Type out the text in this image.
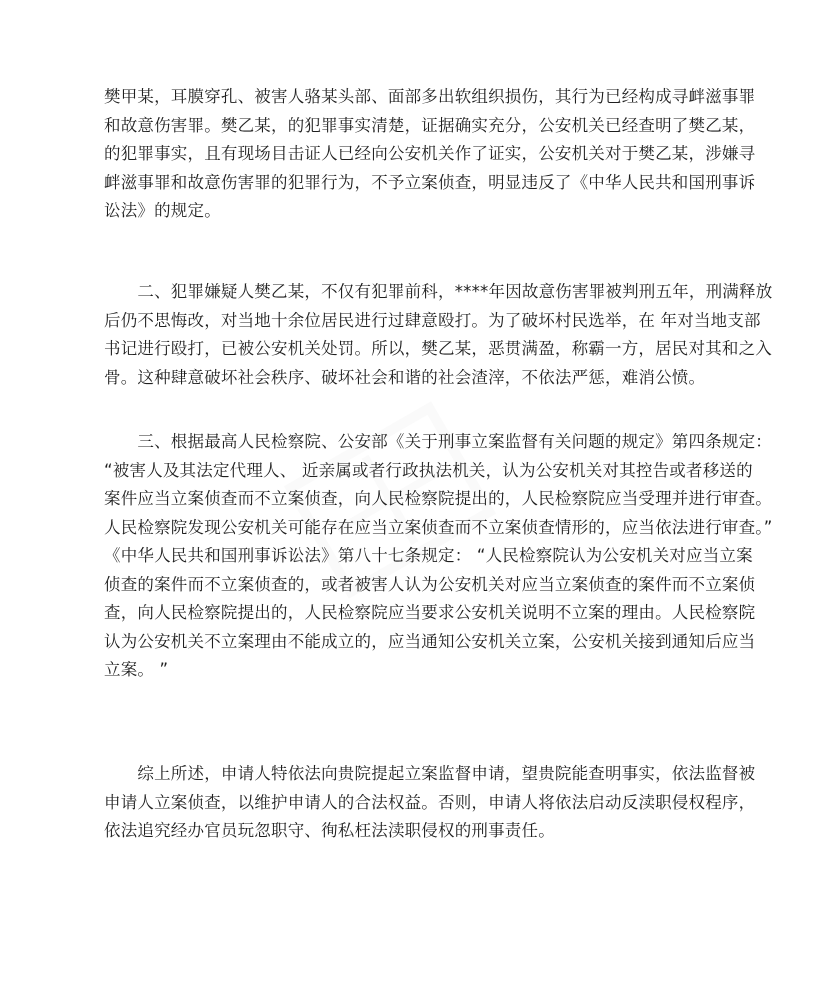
樊甲某，耳膜穿孔、被害人骆某头部、面部多出软组织损伤，其行为已经构成寻衅滋事罪
和故意伤害罪。樊乙某，的犯罪事实清楚，证据确实充分，公安机关已经查明了樊乙某，
的犯罪事实，且有现场目击证人已经向公安机关作了证实，公安机关对于樊乙某，涉嫌寻
衅滋事罪和故意伤害罪的犯罪行为，不予立案侦查，明显违反了《中华人民共和国刑事诉
讼法》的规定。

　　二、犯罪嫌疑人樊乙某，不仅有犯罪前科，****年因故意伤害罪被判刑五年，刑满释放
后仍不思悔改，对当地十余位居民进行过肆意殴打。为了破坏村民选举，在 年对当地支部
书记进行殴打，已被公安机关处罚。所以，樊乙某，恶贯满盈，称霸一方，居民对其和之入
骨。这种肆意破坏社会秩序、破坏社会和谐的社会渣滓，不依法严惩，难消公愤。

　　三、根据最高人民检察院、公安部《关于刑事立案监督有关问题的规定》第四条规定：
“被害人及其法定代理人、 近亲属或者行政执法机关，认为公安机关对其控告或者移送的
案件应当立案侦查而不立案侦查，向人民检察院提出的，人民检察院应当受理并进行审查。
人民检察院发现公安机关可能存在应当立案侦查而不立案侦查情形的，应当依法进行审查。”
《中华人民共和国刑事诉讼法》第八十七条规定： “人民检察院认为公安机关对应当立案
侦查的案件而不立案侦查的，或者被害人认为公安机关对应当立案侦查的案件而不立案侦
查，向人民检察院提出的，人民检察院应当要求公安机关说明不立案的理由。人民检察院
认为公安机关不立案理由不能成立的，应当通知公安机关立案，公安机关接到通知后应当
立案。 ”

　　综上所述，申请人特依法向贵院提起立案监督申请，望贵院能查明事实，依法监督被
申请人立案侦查，以维护申请人的合法权益。否则，申请人将依法启动反渎职侵权程序，
依法追究经办官员玩忽职守、徇私枉法渎职侵权的刑事责任。
